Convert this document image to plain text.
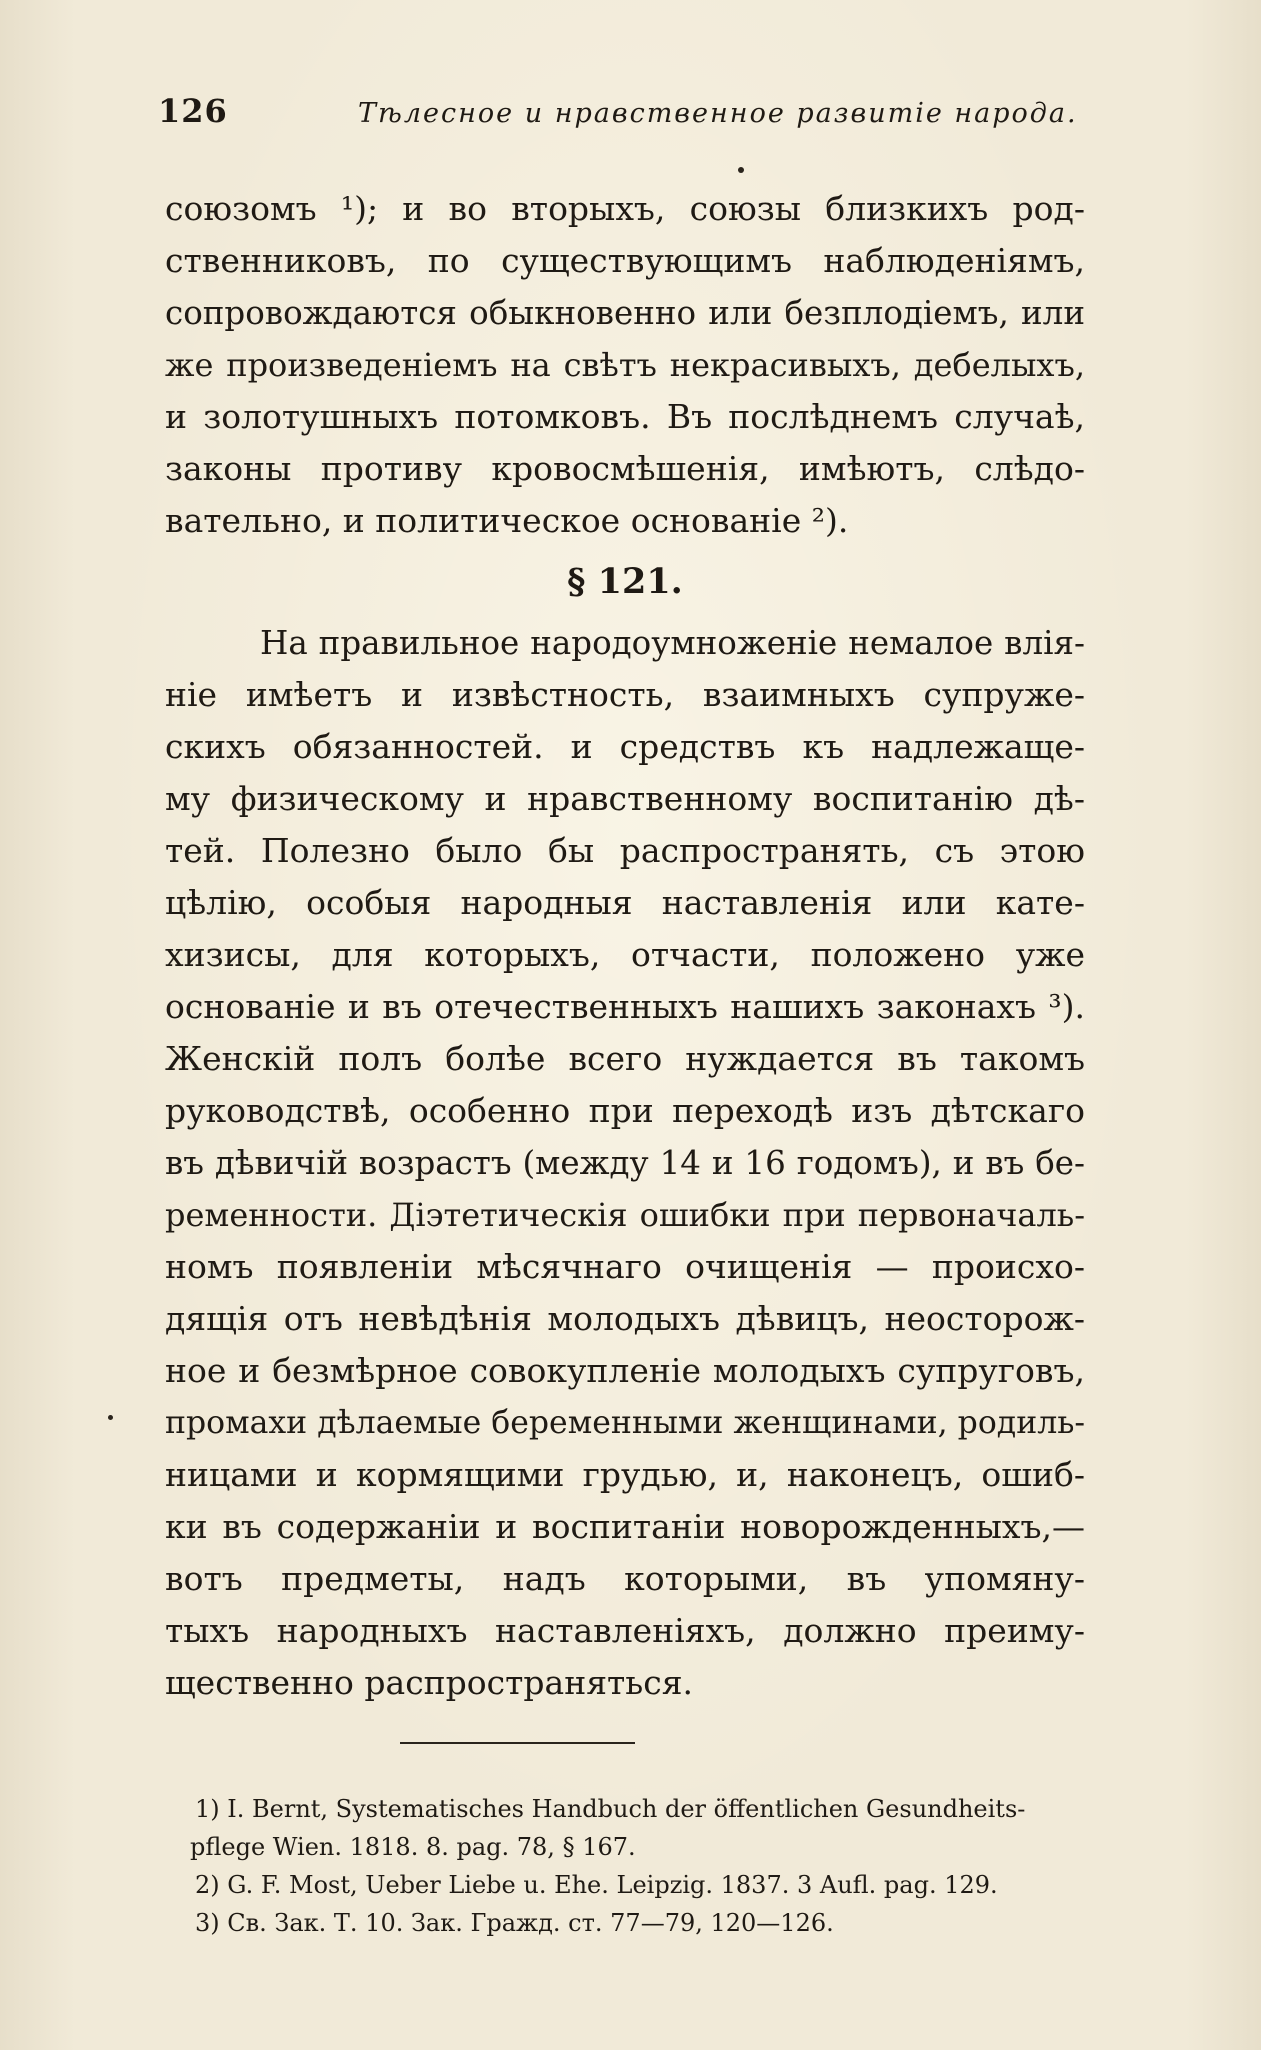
126	Тѣлесное и нравственное развитіе народа.
союзомъ ¹); и во вторыхъ, союзы близкихъ род-
ственниковъ, по существующимъ наблюденіямъ,
сопровождаются обыкновенно или безплодіемъ, или
же произведеніемъ на свѣтъ некрасивыхъ, дебелыхъ,
и золотушныхъ потомковъ. Въ послѣднемъ случаѣ,
законы противу кровосмѣшенія, имѣютъ, слѣдо-
вательно, и политическое основаніе ²).
§ 121.
На правильное народоумноженіе немалое влія-
ніе имѣетъ и извѣстность, взаимныхъ супруже-
скихъ обязанностей. и средствъ къ надлежаще-
му физическому и нравственному воспитанію дѣ-
тей. Полезно было бы распространять, съ этою
цѣлію, особыя народныя наставленія или кате-
хизисы, для которыхъ, отчасти, положено уже
основаніе и въ отечественныхъ нашихъ законахъ ³).
Женскій полъ болѣе всего нуждается въ такомъ
руководствѣ, особенно при переходѣ изъ дѣтскаго
въ дѣвичій возрастъ (между 14 и 16 годомъ), и въ бе-
ременности. Діэтетическія ошибки при первоначаль-
номъ появленіи мѣсячнаго очищенія — происхо-
дящія отъ невѣдѣнія молодыхъ дѣвицъ, неосторож-
ное и безмѣрное совокупленіе молодыхъ супруговъ,
промахи дѣлаемые беременными женщинами, родиль-
ницами и кормящими грудью, и, наконецъ, ошиб-
ки въ содержаніи и воспитаніи новорожденныхъ,—
вотъ предметы, надъ которыми, въ упомяну-
тыхъ народныхъ наставленіяхъ, должно преиму-
щественно распространяться.
1) I. Bernt, Systematisches Handbuch der öffentlichen Gesundheits-
pflege Wien. 1818. 8. pag. 78, § 167.
2) G. F. Most, Ueber Liebe u. Ehe. Leipzig. 1837. 3 Aufl. pag. 129.
3) Св. Зак. Т. 10. Зак. Гражд. ст. 77—79, 120—126.
